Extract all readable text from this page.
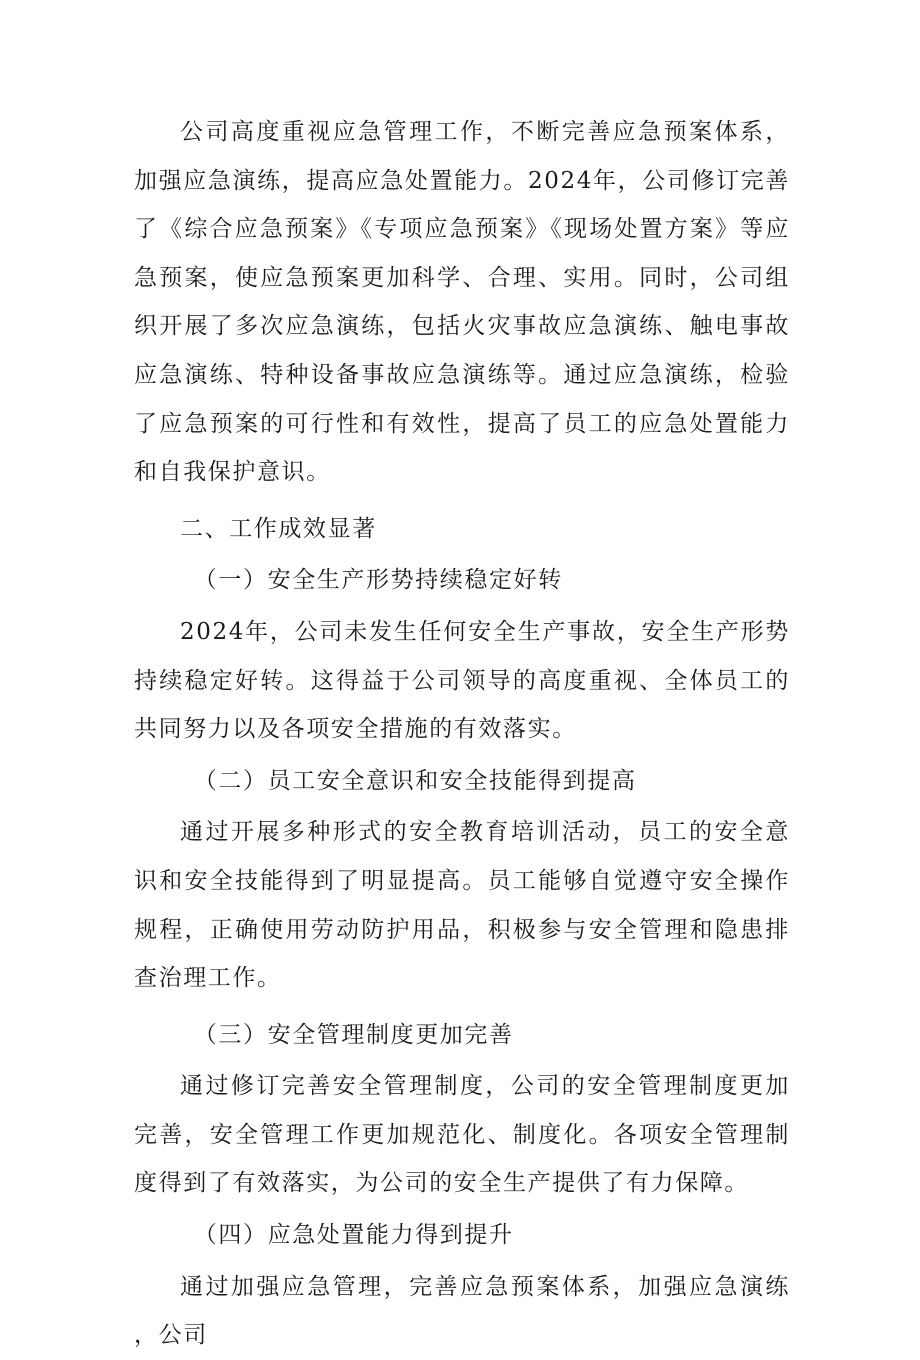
公司高度重视应急管理工作，不断完善应急预案体系，加强应急演练，提高应急处置能力。2024年，公司修订完善了《综合应急预案》《专项应急预案》《现场处置方案》等应急预案，使应急预案更加科学、合理、实用。同时，公司组织开展了多次应急演练，包括火灾事故应急演练、触电事故应急演练、特种设备事故应急演练等。通过应急演练，检验了应急预案的可行性和有效性，提高了员工的应急处置能力和自我保护意识。

二、工作成效显著

（一）安全生产形势持续稳定好转

2024年，公司未发生任何安全生产事故，安全生产形势持续稳定好转。这得益于公司领导的高度重视、全体员工的共同努力以及各项安全措施的有效落实。

（二）员工安全意识和安全技能得到提高

通过开展多种形式的安全教育培训活动，员工的安全意识和安全技能得到了明显提高。员工能够自觉遵守安全操作规程，正确使用劳动防护用品，积极参与安全管理和隐患排查治理工作。

（三）安全管理制度更加完善

通过修订完善安全管理制度，公司的安全管理制度更加完善，安全管理工作更加规范化、制度化。各项安全管理制度得到了有效落实，为公司的安全生产提供了有力保障。

（四）应急处置能力得到提升

通过加强应急管理，完善应急预案体系，加强应急演练，公司
